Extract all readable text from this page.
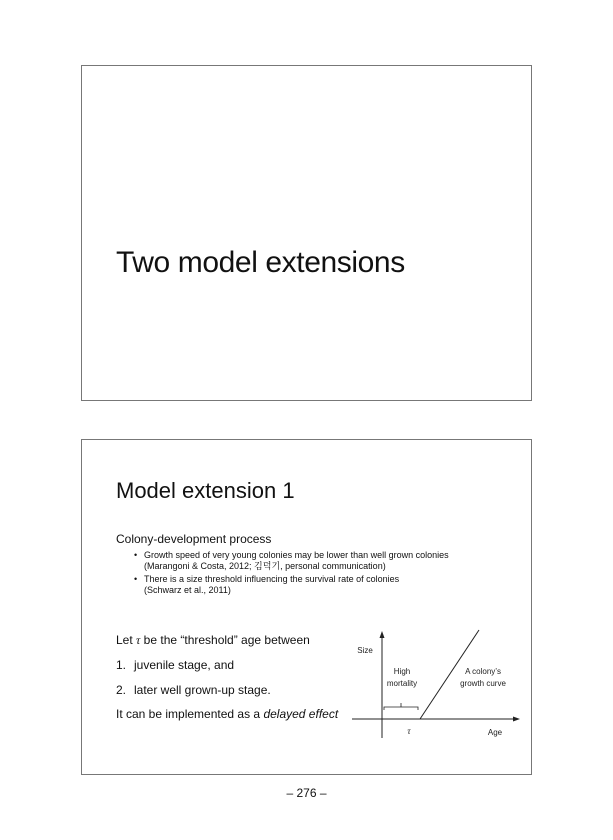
Two model extensions
Model extension 1

Colony-development process

• Growth speed of very young colonies may be lower than well grown colonies
(Marangoni & Costa, 2012; 김덕기, personal communication)
• There is a size threshold influencing the survival rate of colonies
(Schwarz et al., 2011)

Let τ be the “threshold” age between

1. juvenile stage, and

2. later well grown-up stage.

It can be implemented as a delayed effect

Size
Age
τ
High
mortality
A colony’s
growth curve
– 276 –
